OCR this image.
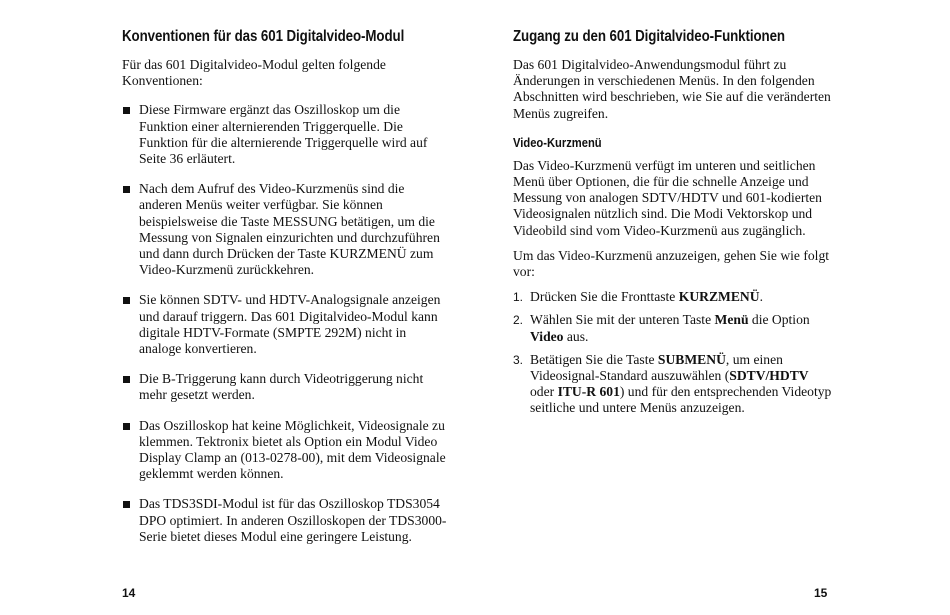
Konventionen für das 601 Digitalvideo-Modul

Für das 601 Digitalvideo-Modul gelten folgende Konventionen:

Diese Firmware ergänzt das Oszilloskop um die Funktion einer alternierenden Triggerquelle. Die Funktion für die alternierende Triggerquelle wird auf Seite 36 erläutert.
Nach dem Aufruf des Video-Kurzmenüs sind die anderen Menüs weiter verfügbar. Sie können beispielsweise die Taste MESSUNG betätigen, um die Messung von Signalen einzurichten und durchzuführen und dann durch Drücken der Taste KURZMENÜ zum Video-Kurzmenü zurückkehren.
Sie können SDTV- und HDTV-Analogsignale anzeigen und darauf triggern. Das 601 Digitalvideo-Modul kann digitale HDTV-Formate (SMPTE 292M) nicht in analoge konvertieren.
Die B-Triggerung kann durch Videotriggerung nicht mehr gesetzt werden.
Das Oszilloskop hat keine Möglichkeit, Videosignale zu klemmen. Tektronix bietet als Option ein Modul Video Display Clamp an (013-0278-00), mit dem Videosignale geklemmt werden können.
Das TDS3SDI-Modul ist für das Oszilloskop TDS3054 DPO optimiert. In anderen Oszilloskopen der TDS3000-Serie bietet dieses Modul eine geringere Leistung.
Zugang zu den 601 Digitalvideo-Funktionen

Das 601 Digitalvideo-Anwendungsmodul führt zu Änderungen in verschiedenen Menüs. In den folgenden Abschnitten wird beschrieben, wie Sie auf die veränderten Menüs zugreifen.

Video-Kurzmenü

Das Video-Kurzmenü verfügt im unteren und seitlichen Menü über Optionen, die für die schnelle Anzeige und Messung von analogen SDTV/HDTV und 601-kodierten Videosignalen nützlich sind. Die Modi Vektorskop und Videobild sind vom Video-Kurzmenü aus zugänglich.

Um das Video-Kurzmenü anzuzeigen, gehen Sie wie folgt vor:

1. Drücken Sie die Fronttaste KURZMENÜ.
2. Wählen Sie mit der unteren Taste Menü die Option Video aus.
3. Betätigen Sie die Taste SUBMENÜ, um einen Videosignal-Standard auszuwählen (SDTV/HDTV oder ITU-R 601) und für den entsprechenden Videotyp seitliche und untere Menüs anzuzeigen.
14	15
